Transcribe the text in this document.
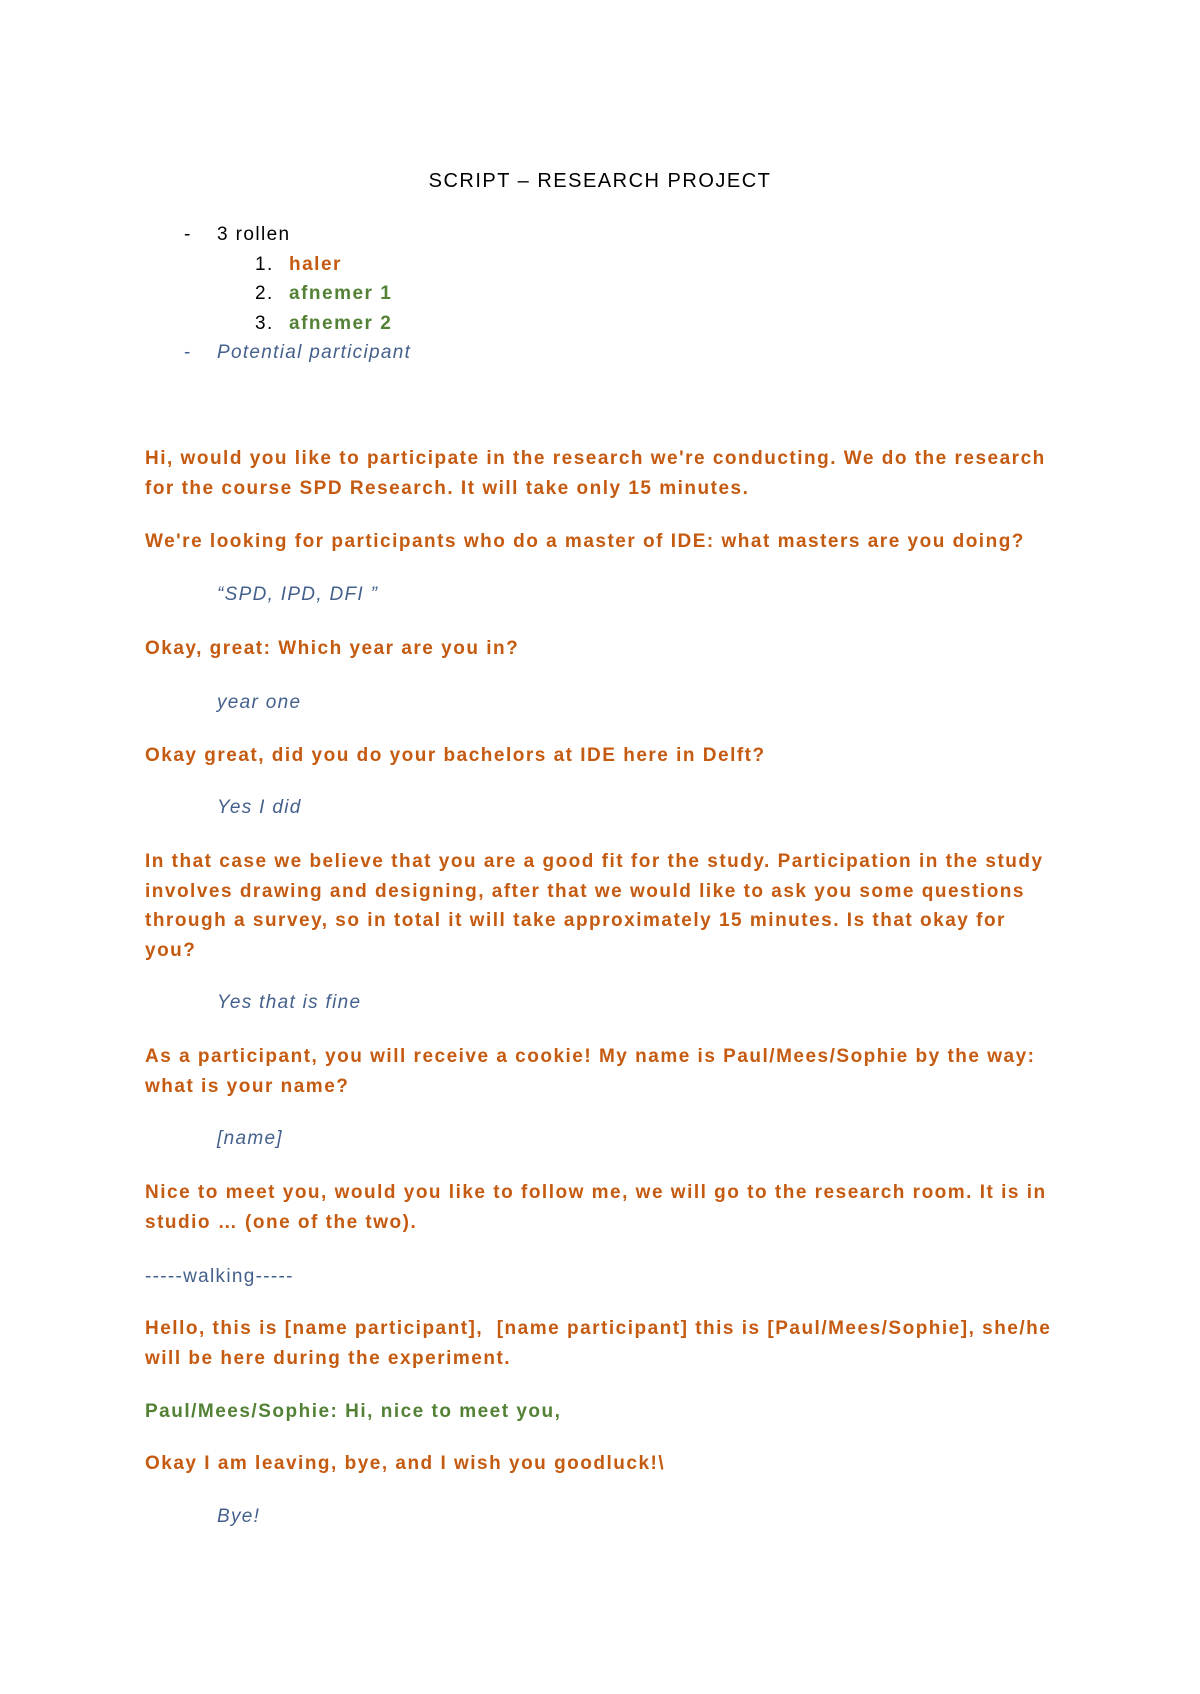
SCRIPT – RESEARCH PROJECT
- 3 rollen
1. haler
2. afnemer 1
3. afnemer 2
- Potential participant
Hi, would you like to participate in the research we're conducting. We do the research
for the course SPD Research. It will take only 15 minutes.
We're looking for participants who do a master of IDE: what masters are you doing?
“SPD, IPD, DFI ”
Okay, great: Which year are you in?
year one
Okay great, did you do your bachelors at IDE here in Delft?
Yes I did
In that case we believe that you are a good fit for the study. Participation in the study
involves drawing and designing, after that we would like to ask you some questions
through a survey, so in total it will take approximately 15 minutes. Is that okay for
you?
Yes that is fine
As a participant, you will receive a cookie! My name is Paul/Mees/Sophie by the way:
what is your name?
[name]
Nice to meet you, would you like to follow me, we will go to the research room. It is in
studio … (one of the two).
-----walking-----
Hello, this is [name participant],  [name participant] this is [Paul/Mees/Sophie], she/he
will be here during the experiment.
Paul/Mees/Sophie: Hi, nice to meet you,
Okay I am leaving, bye, and I wish you goodluck!\
Bye!
